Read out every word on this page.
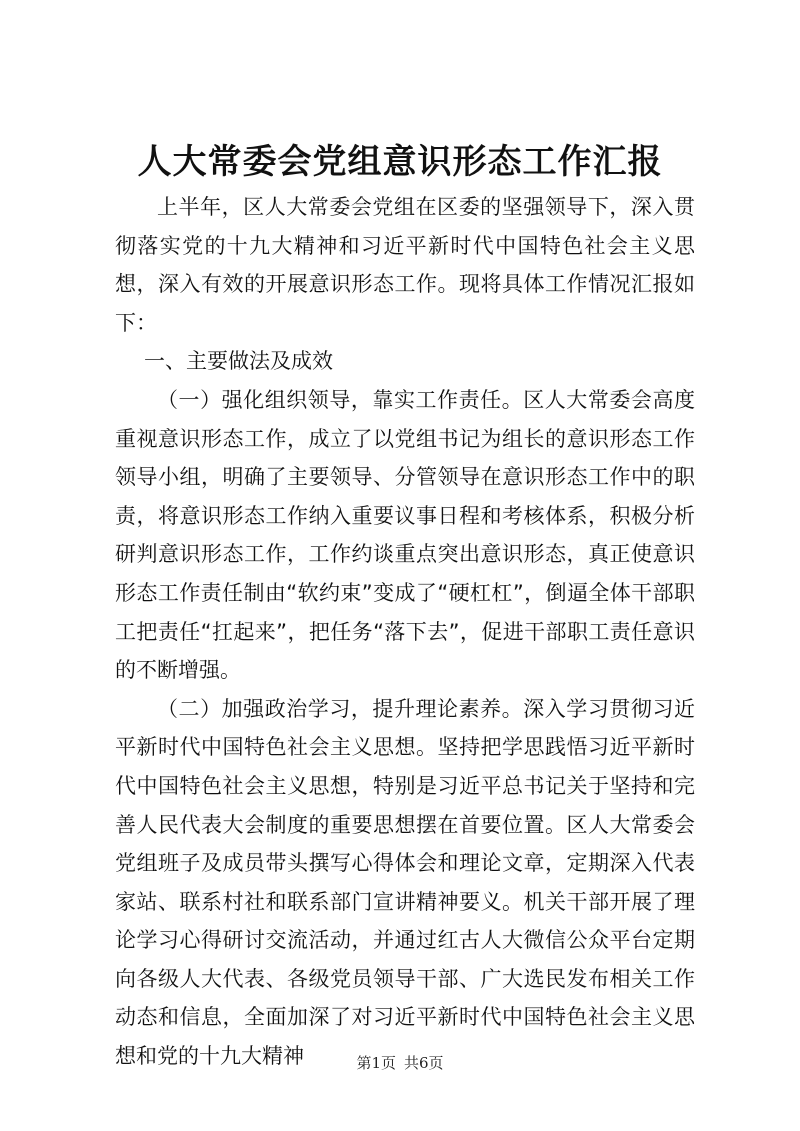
人大常委会党组意识形态工作汇报

上半年，区人大常委会党组在区委的坚强领导下，深入贯彻落实党的十九大精神和习近平新时代中国特色社会主义思想，深入有效的开展意识形态工作。现将具体工作情况汇报如下：

一、主要做法及成效

（一）强化组织领导，靠实工作责任。区人大常委会高度重视意识形态工作，成立了以党组书记为组长的意识形态工作领导小组，明确了主要领导、分管领导在意识形态工作中的职责，将意识形态工作纳入重要议事日程和考核体系，积极分析研判意识形态工作，工作约谈重点突出意识形态，真正使意识形态工作责任制由“软约束”变成了“硬杠杠”，倒逼全体干部职工把责任“扛起来”，把任务“落下去”，促进干部职工责任意识的不断增强。

（二）加强政治学习，提升理论素养。深入学习贯彻习近平新时代中国特色社会主义思想。坚持把学思践悟习近平新时代中国特色社会主义思想，特别是习近平总书记关于坚持和完善人民代表大会制度的重要思想摆在首要位置。区人大常委会党组班子及成员带头撰写心得体会和理论文章，定期深入代表家站、联系村社和联系部门宣讲精神要义。机关干部开展了理论学习心得研讨交流活动，并通过红古人大微信公众平台定期向各级人大代表、各级党员领导干部、广大选民发布相关工作动态和信息，全面加深了对习近平新时代中国特色社会主义思想和党的十九大精神	第1页 共6页
